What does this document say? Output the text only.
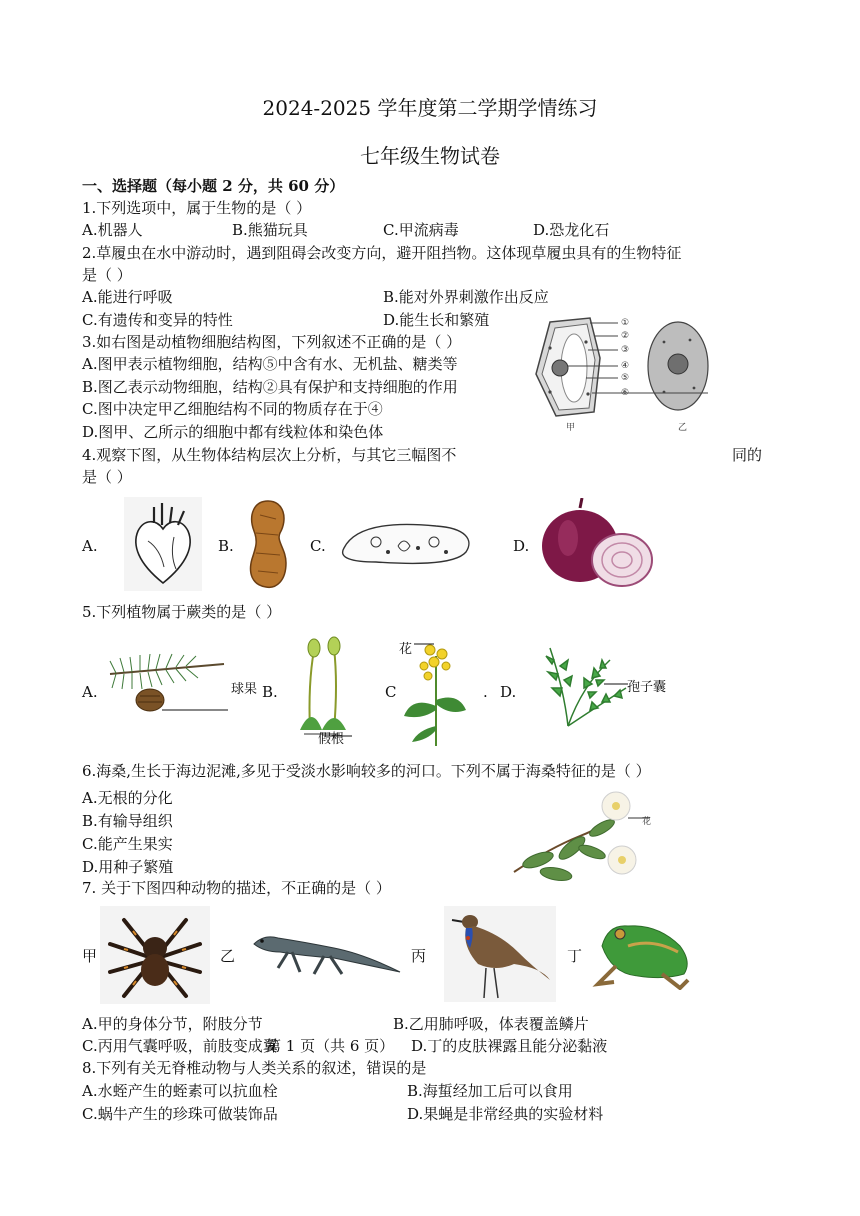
2024-2025 学年度第二学期学情练习
七年级生物试卷
一、选择题（每小题 2 分，共 60 分）
1.下列选项中，属于生物的是（ ）
A.机器人	B.熊猫玩具	C.甲流病毒	D.恐龙化石
2.草履虫在水中游动时，遇到阻碍会改变方向，避开阻挡物。这体现草履虫具有的生物特征
是（ ）
A.能进行呼吸	B.能对外界刺激作出反应
C.有遗传和变异的特性	D.能生长和繁殖
3.如右图是动植物细胞结构图，下列叙述不正确的是（ ）
A.图甲表示植物细胞，结构⑤中含有水、无机盐、糖类等
B.图乙表示动物细胞，结构②具有保护和支持细胞的作用
C.图中决定甲乙细胞结构不同的物质存在于④
D.图甲、乙所示的细胞中都有线粒体和染色体
①
②
③
④
⑤
⑥
甲	乙
4.观察下图，从生物体结构层次上分析，与其它三幅图不	同的
是（ ）
A.	B.	C.	D.
5.下列植物属于蕨类的是（ ）
A.	球果 B.
假根
C
花
. D.	孢子囊
6.海桑,生长于海边泥滩,多见于受淡水影响较多的河口。下列不属于海桑特征的是（ ）
A.无根的分化
B.有输导组织
C.能产生果实
D.用种子繁殖
花
7. 关于下图四种动物的描述，不正确的是（ ）
甲	乙	丙	丁
A.甲的身体分节，附肢分节	B.乙用肺呼吸，体表覆盖鳞片
C.丙用气囊呼吸，前肢变成翼
第 1 页（共 6 页） D.丁的皮肤裸露且能分泌黏液
8.下列有关无脊椎动物与人类关系的叙述，错误的是
A.水蛭产生的蛭素可以抗血栓	B.海蜇经加工后可以食用
C.蜗牛产生的珍珠可做装饰品	D.果蝇是非常经典的实验材料
